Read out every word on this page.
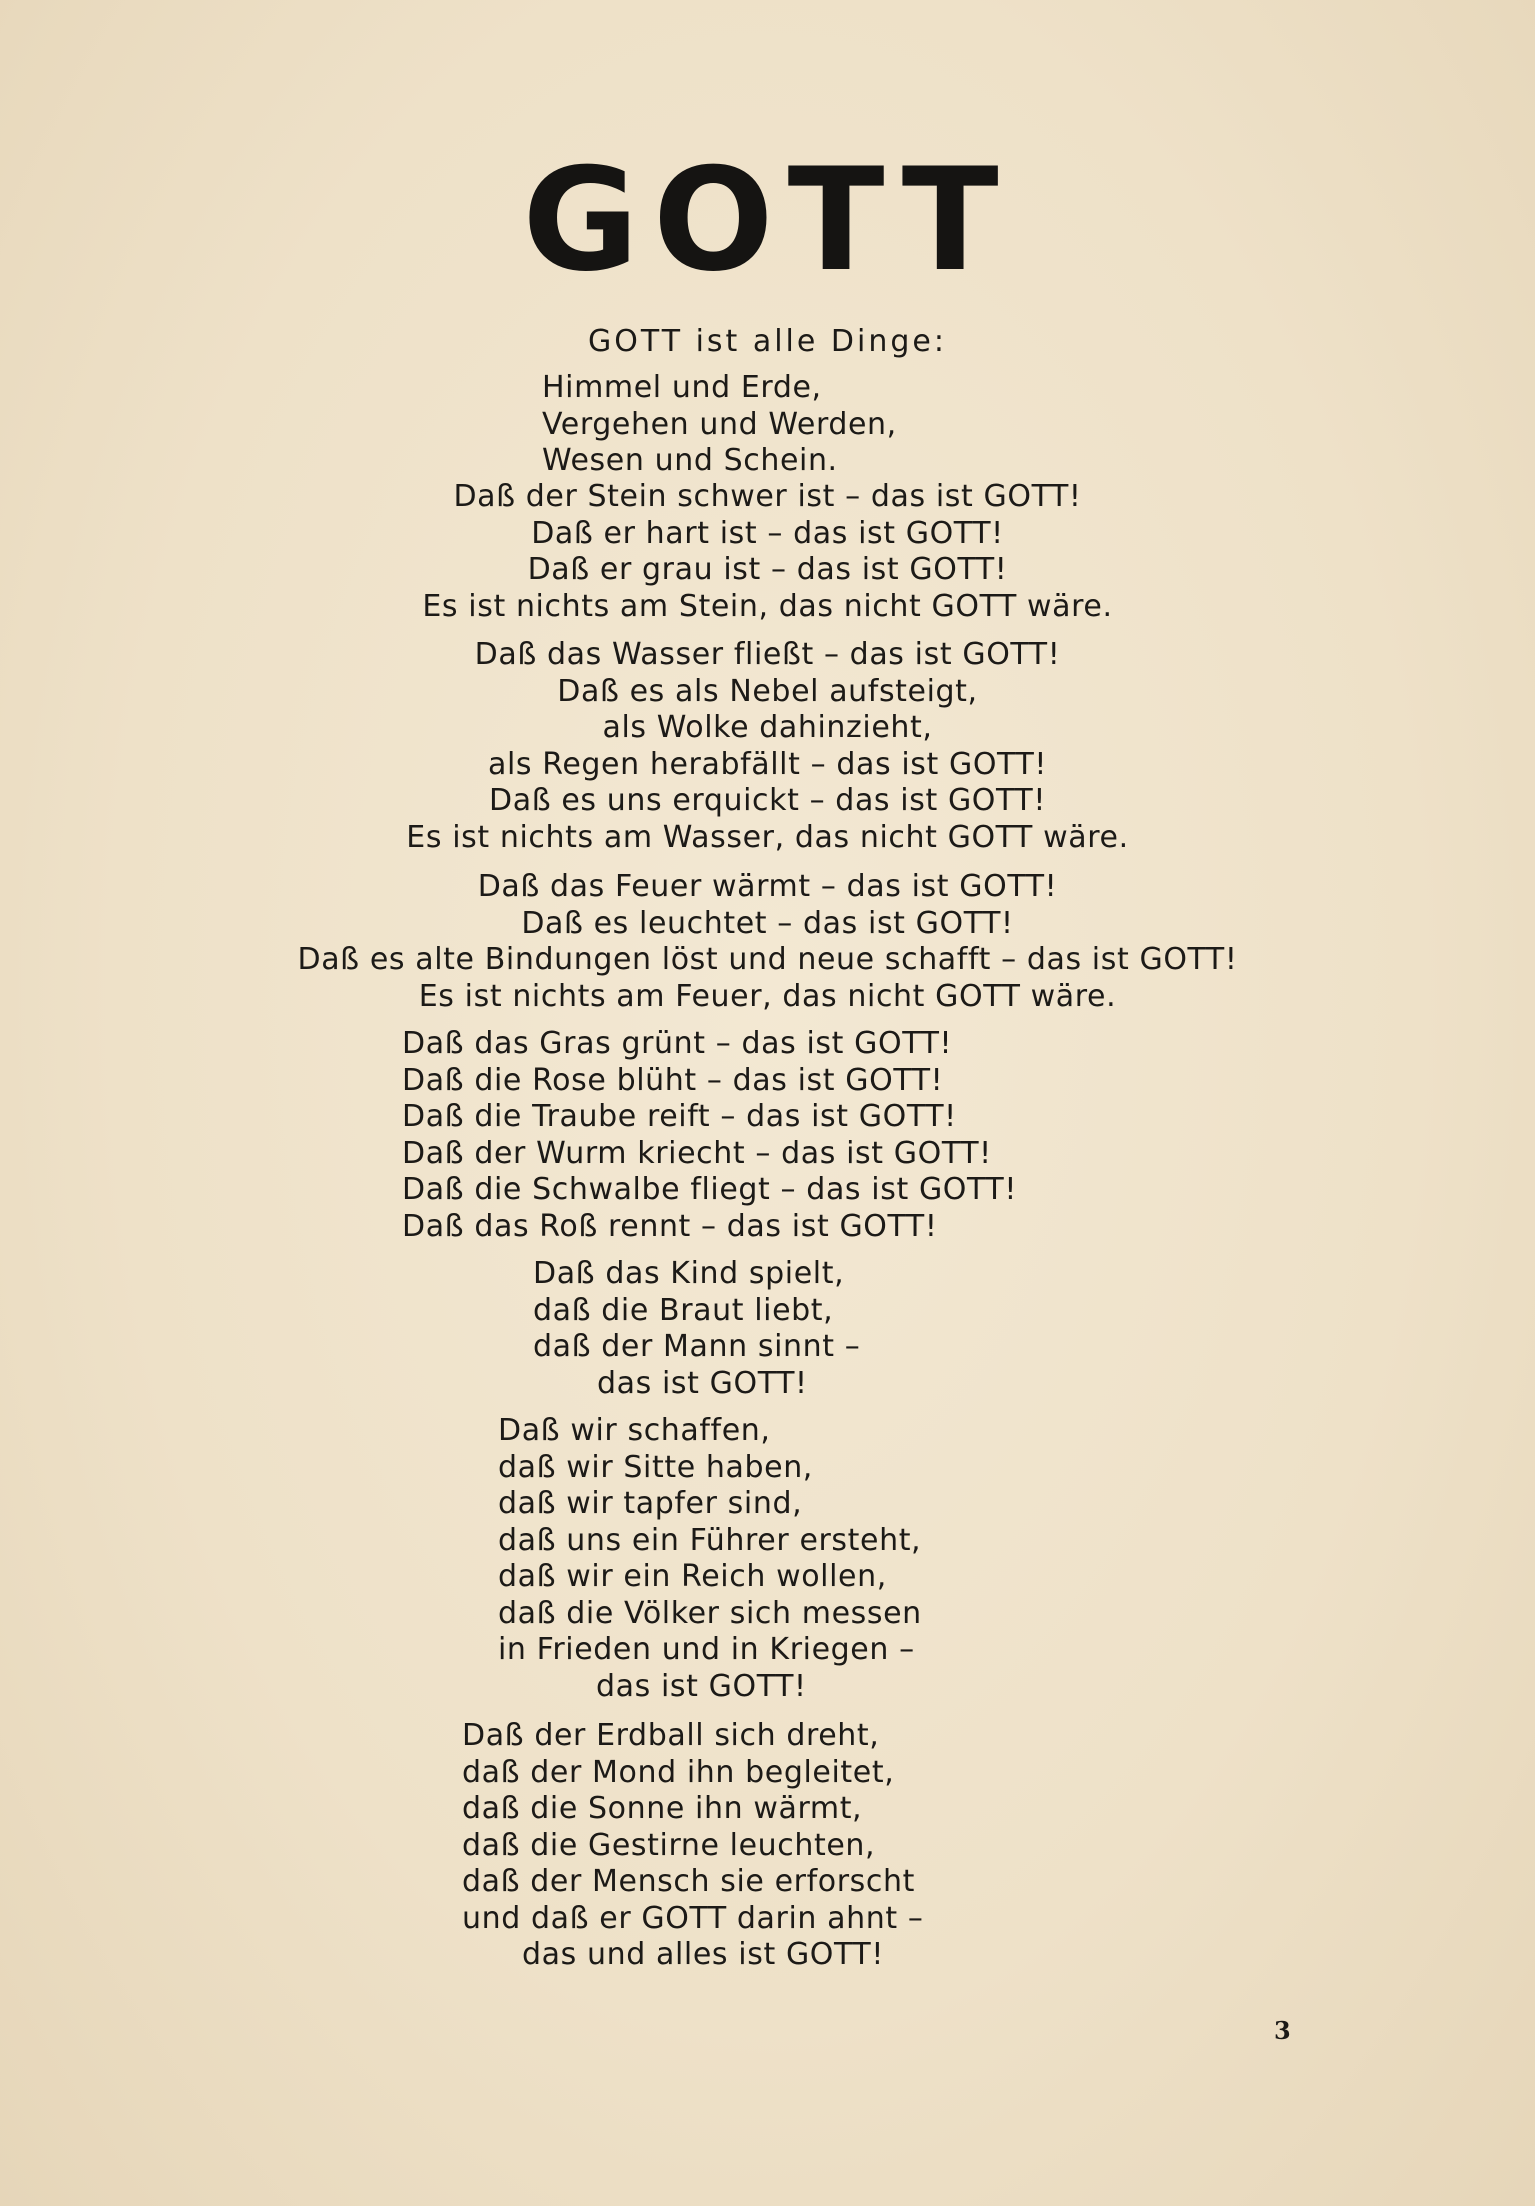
GOTT
GOTT ist alle Dinge:
Himmel und Erde,
Vergehen und Werden,
Wesen und Schein.
Daß der Stein schwer ist – das ist GOTT!
Daß er hart ist – das ist GOTT!
Daß er grau ist – das ist GOTT!
Es ist nichts am Stein, das nicht GOTT wäre.
Daß das Wasser fließt – das ist GOTT!
Daß es als Nebel aufsteigt,
als Wolke dahinzieht,
als Regen herabfällt – das ist GOTT!
Daß es uns erquickt – das ist GOTT!
Es ist nichts am Wasser, das nicht GOTT wäre.
Daß das Feuer wärmt – das ist GOTT!
Daß es leuchtet – das ist GOTT!
Daß es alte Bindungen löst und neue schafft – das ist GOTT!
Es ist nichts am Feuer, das nicht GOTT wäre.
Daß das Gras grünt – das ist GOTT!
Daß die Rose blüht – das ist GOTT!
Daß die Traube reift – das ist GOTT!
Daß der Wurm kriecht – das ist GOTT!
Daß die Schwalbe fliegt – das ist GOTT!
Daß das Roß rennt – das ist GOTT!
Daß das Kind spielt,
daß die Braut liebt,
daß der Mann sinnt –
das ist GOTT!
Daß wir schaffen,
daß wir Sitte haben,
daß wir tapfer sind,
daß uns ein Führer ersteht,
daß wir ein Reich wollen,
daß die Völker sich messen
in Frieden und in Kriegen –
das ist GOTT!
Daß der Erdball sich dreht,
daß der Mond ihn begleitet,
daß die Sonne ihn wärmt,
daß die Gestirne leuchten,
daß der Mensch sie erforscht
und daß er GOTT darin ahnt –
das und alles ist GOTT!
3
